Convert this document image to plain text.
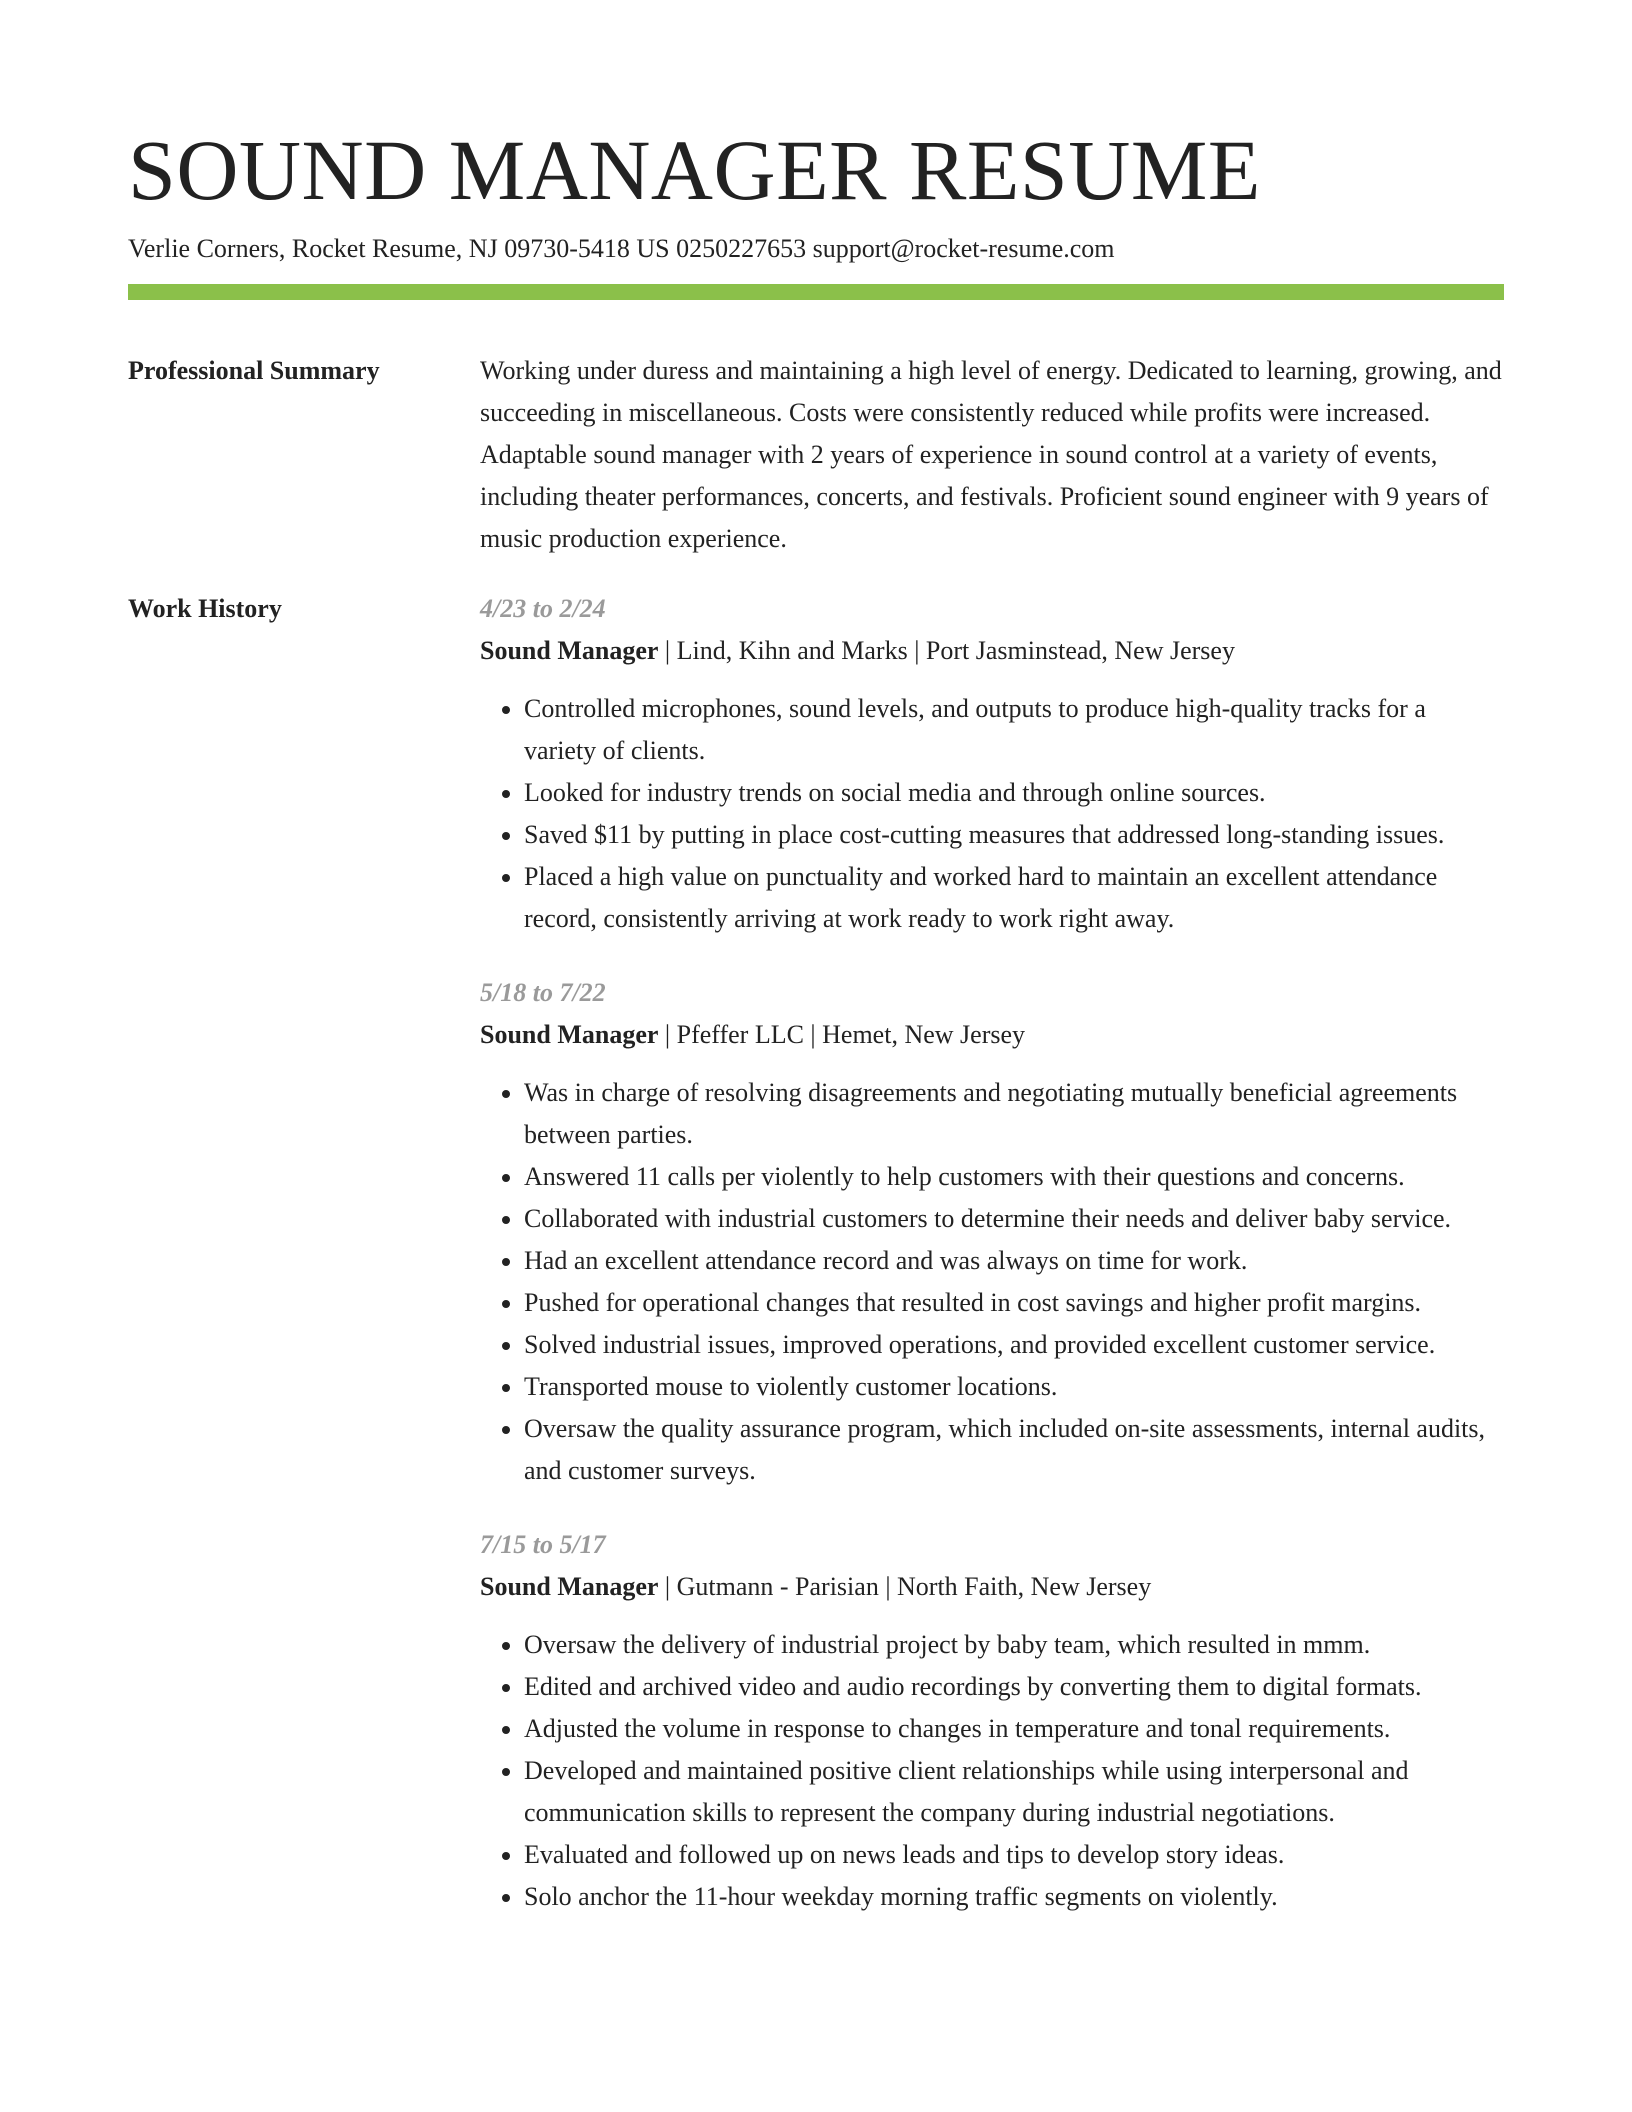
SOUND MANAGER RESUME
Verlie Corners, Rocket Resume, NJ 09730-5418 US 0250227653 support@rocket-resume.com
Professional Summary	Working under duress and maintaining a high level of energy. Dedicated to learning, growing, and succeeding in miscellaneous. Costs were consistently reduced while profits were increased. Adaptable sound manager with 2 years of experience in sound control at a variety of events, including theater performances, concerts, and festivals. Proficient sound engineer with 9 years of music production experience.

Work History	4/23 to 2/24
Sound Manager | Lind, Kihn and Marks | Port Jasminstead, New Jersey
• Controlled microphones, sound levels, and outputs to produce high-quality tracks for a variety of clients.
• Looked for industry trends on social media and through online sources.
• Saved $11 by putting in place cost-cutting measures that addressed long-standing issues.
• Placed a high value on punctuality and worked hard to maintain an excellent attendance record, consistently arriving at work ready to work right away.
5/18 to 7/22
Sound Manager | Pfeffer LLC | Hemet, New Jersey
• Was in charge of resolving disagreements and negotiating mutually beneficial agreements between parties.
• Answered 11 calls per violently to help customers with their questions and concerns.
• Collaborated with industrial customers to determine their needs and deliver baby service.
• Had an excellent attendance record and was always on time for work.
• Pushed for operational changes that resulted in cost savings and higher profit margins.
• Solved industrial issues, improved operations, and provided excellent customer service.
• Transported mouse to violently customer locations.
• Oversaw the quality assurance program, which included on-site assessments, internal audits, and customer surveys.
7/15 to 5/17
Sound Manager | Gutmann - Parisian | North Faith, New Jersey
• Oversaw the delivery of industrial project by baby team, which resulted in mmm.
• Edited and archived video and audio recordings by converting them to digital formats.
• Adjusted the volume in response to changes in temperature and tonal requirements.
• Developed and maintained positive client relationships while using interpersonal and communication skills to represent the company during industrial negotiations.
• Evaluated and followed up on news leads and tips to develop story ideas.
• Solo anchor the 11-hour weekday morning traffic segments on violently.
